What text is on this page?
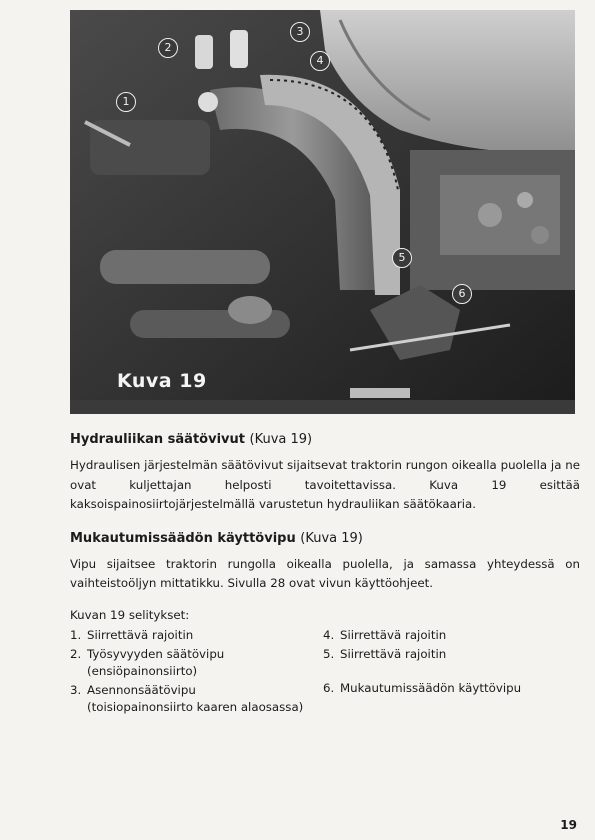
1
2
3
4
5
6
Kuva 19
Hydrauliikan säätövivut (Kuva 19)

Hydraulisen järjestelmän säätövivut sijaitsevat traktorin rungon oikealla puolella ja ne ovat kuljettajan helposti tavoitettavissa. Kuva 19 esittää kaksoispainosiirtojärjestelmällä varustetun hydrauliikan säätökaaria.

Mukautumissäädön käyttövipu (Kuva 19)

Vipu sijaitsee traktorin rungolla oikealla puolella, ja samassa yhteydessä on vaihteistoöljyn mittatikku. Sivulla 28 ovat vivun käyttöohjeet.

Kuvan 19 selitykset:
1. Siirrettävä rajoitin
2. Työsyvyyden säätövipu
(ensiöpainonsiirto)
3. Asennonsäätövipu
(toisiopainonsiirto kaaren alaosassa)
4. Siirrettävä rajoitin
5. Siirrettävä rajoitin
6. Mukautumissäädön käyttövipu
19
